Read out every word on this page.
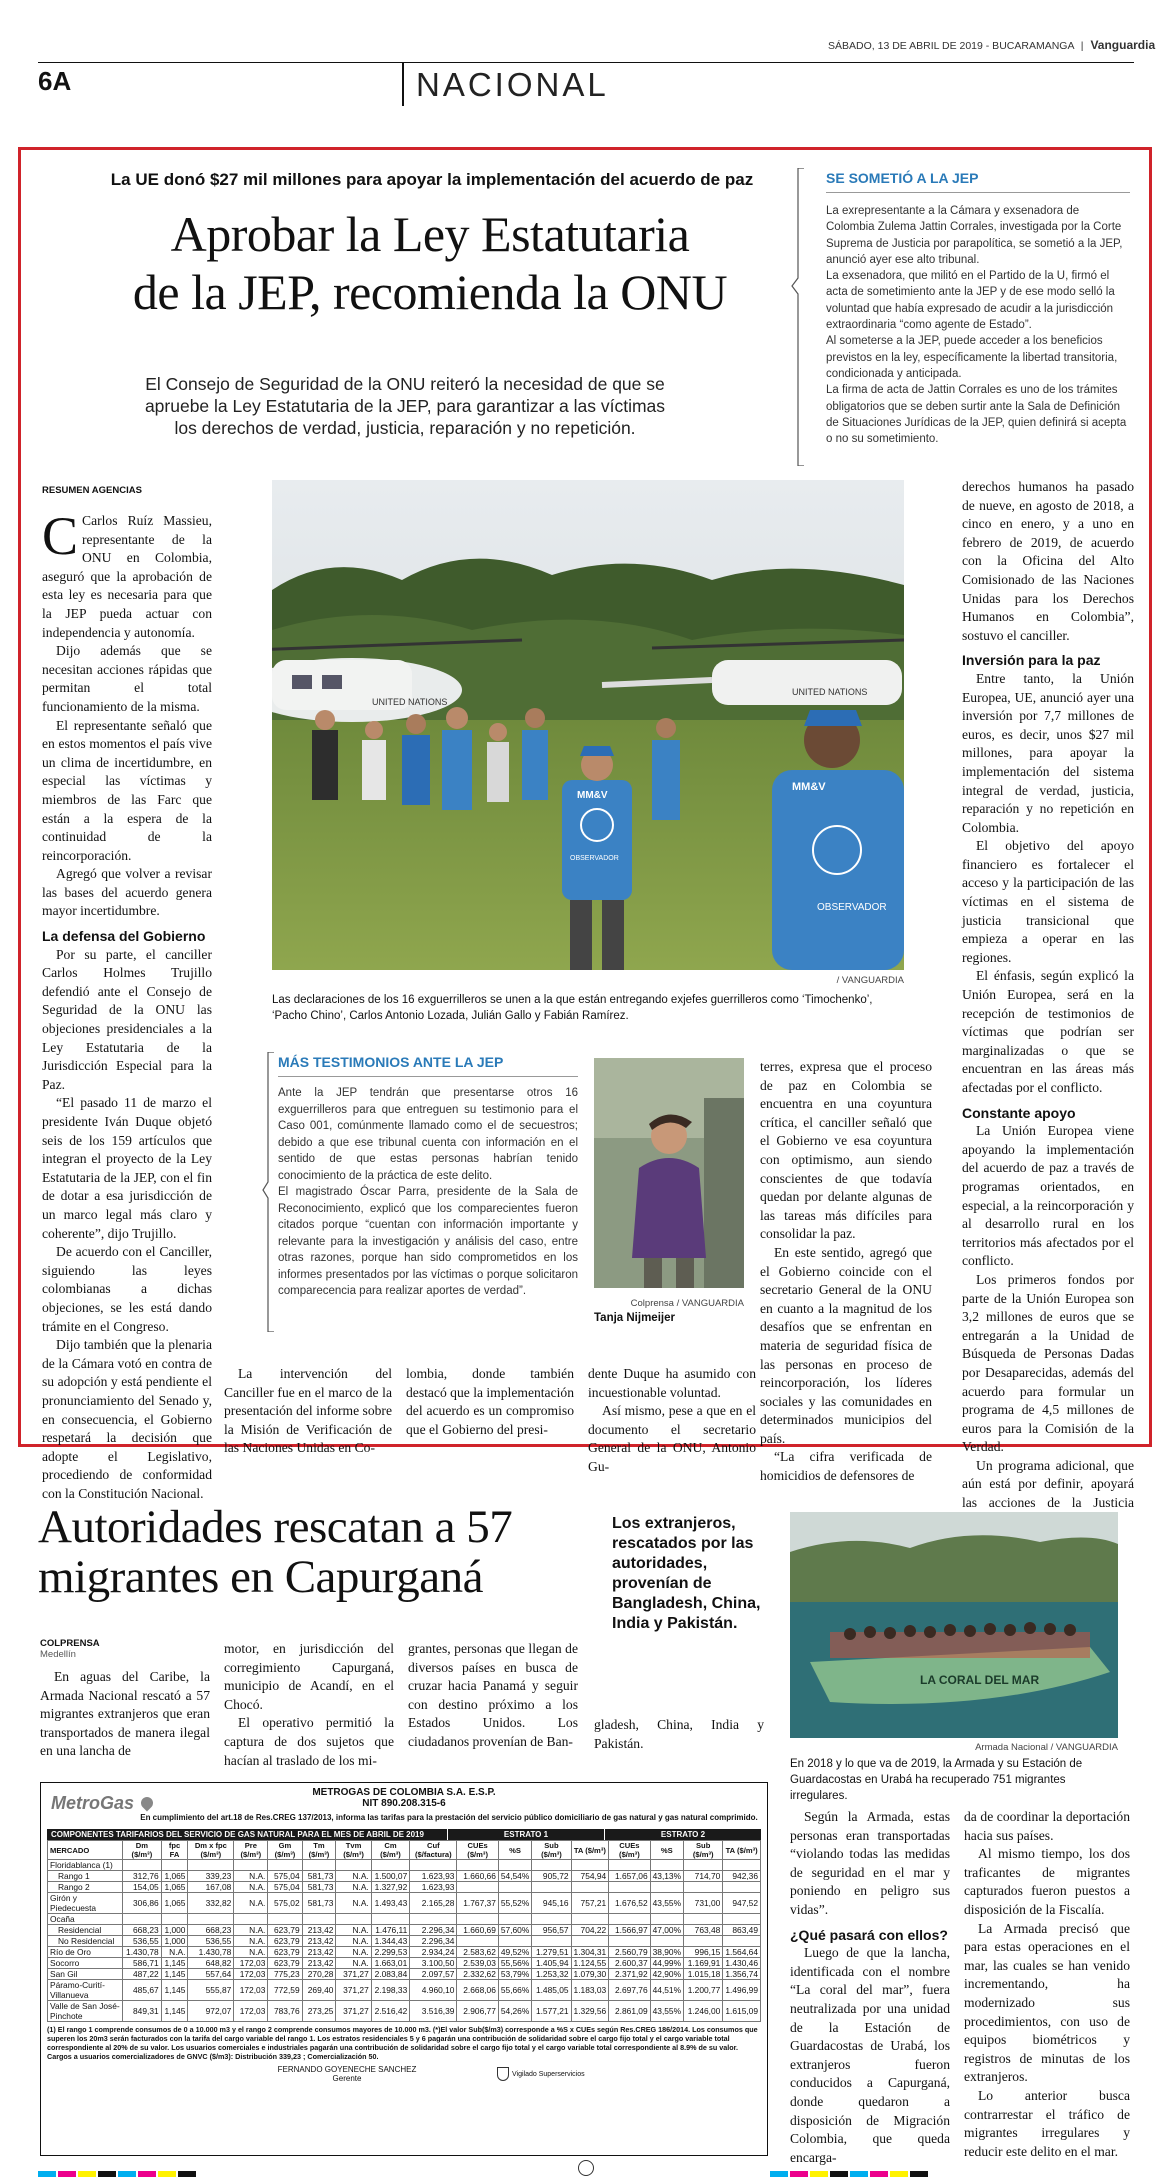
SÁBADO, 13 DE ABRIL DE 2019 - BUCARAMANGA | Vanguardia
6A	NACIONAL
La UE donó $27 mil millones para apoyar la implementación del acuerdo de paz
Aprobar la Ley Estatutaria
de la JEP, recomienda la ONU
El Consejo de Seguridad de la ONU reiteró la necesidad de que se apruebe la Ley Estatutaria de la JEP, para garantizar a las víctimas los derechos de verdad, justicia, reparación y no repetición.
SE SOMETIÓ A LA JEP

La exrepresentante a la Cámara y exsenadora de Colombia Zulema Jattin Corrales, investigada por la Corte Suprema de Justicia por parapolítica, se sometió a la JEP, anunció ayer ese alto tribunal.

La exsenadora, que militó en el Partido de la U, firmó el acta de sometimiento ante la JEP y de ese modo selló la voluntad que había expresado de acudir a la jurisdicción extraordinaria “como agente de Estado”.

Al someterse a la JEP, puede acceder a los beneficios previstos en la ley, específicamente la libertad transitoria, condicionada y anticipada.

La firma de acta de Jattin Corrales es uno de los trámites obligatorios que se deben surtir ante la Sala de Definición de Situaciones Jurídicas de la JEP, quien definirá si acepta o no su sometimiento.

RESUMEN AGENCIAS

C Carlos Ruíz Massieu, representante de la ONU en Colombia, aseguró que la aprobación de esta ley es necesaria para que la JEP pueda actuar con independencia y autonomía.

Dijo además que se necesitan acciones rápidas que permitan el total funcionamiento de la misma.

El representante señaló que en estos momentos el país vive un clima de incertidumbre, en especial las víctimas y miembros de las Farc que están a la espera de la continuidad de la reincorporación.

Agregó que volver a revisar las bases del acuerdo genera mayor incertidumbre.

La defensa del Gobierno

Por su parte, el canciller Carlos Holmes Trujillo defendió ante el Consejo de Seguridad de la ONU las objeciones presidenciales a la Ley Estatutaria de la Jurisdicción Especial para la Paz.

“El pasado 11 de marzo el presidente Iván Duque objetó seis de los 159 artículos que integran el proyecto de la Ley Estatutaria de la JEP, con el fin de dotar a esa jurisdicción de un marco legal más claro y coherente”, dijo Trujillo.

De acuerdo con el Canciller, siguiendo las leyes colombianas a dichas objeciones, se les está dando trámite en el Congreso.

Dijo también que la plenaria de la Cámara votó en contra de su adopción y está pendiente el pronunciamiento del Senado y, en consecuencia, el Gobierno respetará la decisión que adopte el Legislativo, procediendo de conformidad con la Constitución Nacional.

UNITED NATIONS
UNITED NATIONS
MM&V
OBSERVADOR
MM&V
OBSERVADOR
/ VANGUARDIA
Las declaraciones de los 16 exguerrilleros se unen a la que están entregando exjefes guerrilleros como ‘Timochenko’, ‘Pacho Chino’, Carlos Antonio Lozada, Julián Gallo y Fabián Ramírez.
MÁS TESTIMONIOS ANTE LA JEP

Ante la JEP tendrán que presentarse otros 16 exguerrilleros para que entreguen su testimonio para el Caso 001, comúnmente llamado como el de secuestros; debido a que ese tribunal cuenta con información en el sentido de que estas personas habrían tenido conocimiento de la práctica de este delito.

El magistrado Óscar Parra, presidente de la Sala de Reconocimiento, explicó que los comparecientes fueron citados porque “cuentan con información importante y relevante para la investigación y análisis del caso, entre otras razones, porque han sido comprometidos en los informes presentados por las víctimas o porque solicitaron comparecencia para realizar aportes de verdad”.

Colprensa / VANGUARDIA
Tanja Nijmeijer

La intervención del Canciller fue en el marco de la presentación del informe sobre la Misión de Verificación de las Naciones Unidas en Co-

lombia, donde también destacó que la implementación del acuerdo es un compromiso que el Gobierno del presi-

dente Duque ha asumido con incuestionable voluntad.

Así mismo, pese a que en el documento el secretario General de la ONU, Antonio Gu-

terres, expresa que el proceso de paz en Colombia se encuentra en una coyuntura crítica, el canciller señaló que el Gobierno ve esa coyuntura con optimismo, aun siendo conscientes de que todavía quedan por delante algunas de las tareas más difíciles para consolidar la paz.

En este sentido, agregó que el Gobierno coincide con el secretario General de la ONU en cuanto a la magnitud de los desafíos que se enfrentan en materia de seguridad física de las personas en proceso de reincorporación, los líderes sociales y las comunidades en determinados municipios del país.

“La cifra verificada de homicidios de defensores de

derechos humanos ha pasado de nueve, en agosto de 2018, a cinco en enero, y a uno en febrero de 2019, de acuerdo con la Oficina del Alto Comisionado de las Naciones Unidas para los Derechos Humanos en Colombia”, sostuvo el canciller.

Inversión para la paz

Entre tanto, la Unión Europea, UE, anunció ayer una inversión por 7,7 millones de euros, es decir, unos $27 mil millones, para apoyar la implementación del sistema integral de verdad, justicia, reparación y no repetición en Colombia.

El objetivo del apoyo financiero es fortalecer el acceso y la participación de las víctimas en el sistema de justicia transicional que empieza a operar en las regiones.

El énfasis, según explicó la Unión Europea, será en la recepción de testimonios de víctimas que podrían ser marginalizadas o que se encuentran en las áreas más afectadas por el conflicto.

Constante apoyo

La Unión Europea viene apoyando la implementación del acuerdo de paz a través de programas orientados, en especial, a la reincorporación y al desarrollo rural en los territorios más afectados por el conflicto.

Los primeros fondos por parte de la Unión Europea son 3,2 millones de euros que se entregarán a la Unidad de Búsqueda de Personas Dadas por Desaparecidas, además del acuerdo para formular un programa de 4,5 millones de euros para la Comisión de la Verdad.

Un programa adicional, que aún está por definir, apoyará las acciones de la Justicia

Autoridades rescatan a 57
migrantes en Capurganá
Los extranjeros, rescatados por las autoridades, provenían de Bangladesh, China, India y Pakistán.
COLPRENSA
Medellín

En aguas del Caribe, la Armada Nacional rescató a 57 migrantes extranjeros que eran transportados de manera ilegal en una lancha de

motor, en jurisdicción del corregimiento Capurganá, municipio de Acandí, en el Chocó.

El operativo permitió la captura de dos sujetos que hacían al traslado de los mi-

grantes, personas que llegan de diversos países en busca de cruzar hacia Panamá y seguir con destino próximo a los Estados Unidos. Los ciudadanos provenían de Ban-

gladesh, China, India y Pakistán.

LA CORAL DEL MAR
Armada Nacional / VANGUARDIA
En 2018 y lo que va de 2019, la Armada y su Estación de Guardacostas en Urabá ha recuperado 751 migrantes irregulares.

Según la Armada, estas personas eran transportadas “violando todas las medidas de seguridad en el mar y poniendo en peligro sus vidas”.

¿Qué pasará con ellos?

Luego de que la lancha, identificada con el nombre “La coral del mar”, fuera neutralizada por una unidad de la Estación de Guardacostas de Urabá, los extranjeros fueron conducidos a Capurganá, donde quedaron a disposición de Migración Colombia, que queda encarga-

da de coordinar la deportación hacia sus países.

Al mismo tiempo, los dos traficantes de migrantes capturados fueron puestos a disposición de la Fiscalía.

La Armada precisó que para estas operaciones en el mar, las cuales se han venido incrementando, ha modernizado sus procedimientos, con uso de equipos biométricos y registros de minutas de los extranjeros.

Lo anterior busca contrarrestar el tráfico de migrantes irregulares y reducir este delito en el mar.

MetroGas
METROGAS DE COLOMBIA S.A. E.S.P.
NIT 890.208.315-6
En cumplimiento del art.18 de Res.CREG 137/2013, informa las tarifas para la prestación del servicio público domiciliario de gas natural y gas natural comprimido.
COMPONENTES TARIFARIOS DEL SERVICIO DE GAS NATURAL PARA EL MES DE ABRIL DE 2019	ESTRATO 1	ESTRATO 2
MERCADO	Dm ($/m³)	fpc FA	Dm x fpc ($/m³)	Pre ($/m³)	Gm ($/m³)	Tm ($/m³)	Tvm ($/m³)	Cm ($/m³)	Cuf ($/factura)	CUEs ($/m³)	%S	Sub ($/m³)	TA ($/m³)	CUEs ($/m³)	%S	Sub ($/m³)	TA ($/m³)
Floridablanca (1)																	
Rango 1	312,76	1,065	339,23	N.A.	575,04	581,73	N.A.	1.500,07	1.623,93	1.660,66	54,54%	905,72	754,94	1.657,06	43,13%	714,70	942,36
Rango 2	154,05	1,065	167,08	N.A.	575,04	581,73	N.A.	1.327,92	1.623,93								
Girón y Piedecuesta	306,86	1,065	332,82	N.A.	575,02	581,73	N.A.	1.493,43	2.165,28	1.767,37	55,52%	945,16	757,21	1.676,52	43,55%	731,00	947,52
Ocaña																	
Residencial	668,23	1,000	668,23	N.A.	623,79	213,42	N.A.	1.476,11	2.296,34	1.660,69	57,60%	956,57	704,22	1.566,97	47,00%	763,48	863,49
No Residencial	536,55	1,000	536,55	N.A.	623,79	213,42	N.A.	1.344,43	2.296,34								
Río de Oro	1.430,78	N.A.	1.430,78	N.A.	623,79	213,42	N.A.	2.299,53	2.934,24	2.583,62	49,52%	1.279,51	1.304,31	2.560,79	38,90%	996,15	1.564,64
Socorro	586,71	1,145	648,82	172,03	623,79	213,42	N.A.	1.663,01	3.100,50	2.539,03	55,56%	1.405,94	1.124,55	2.600,37	44,99%	1.169,91	1.430,46
San Gil	487,22	1,145	557,64	172,03	775,23	270,28	371,27	2.083,84	2.097,57	2.332,62	53,79%	1.253,32	1.079,30	2.371,92	42,90%	1.015,18	1.356,74
Páramo-Curití-Villanueva	485,67	1,145	555,87	172,03	772,59	269,40	371,27	2.198,33	4.960,10	2.668,06	55,66%	1.485,05	1.183,03	2.697,76	44,51%	1.200,77	1.496,99
Valle de San José-Pinchote	849,31	1,145	972,07	172,03	783,76	273,25	371,27	2.516,42	3.516,39	2.906,77	54,26%	1.577,21	1.329,56	2.861,09	43,55%	1.246,00	1.615,09
(1) El rango 1 comprende consumos de 0 a 10.000 m3 y el rango 2 comprende consumos mayores de 10.000 m3. (*)El valor Sub($/m3) corresponde a %S x CUEs según Res.CREG 186/2014. Los consumos que superen los 20m3 serán facturados con la tarifa del cargo variable del rango 1. Los estratos residenciales 5 y 6 pagarán una contribución de solidaridad sobre el cargo fijo total y el cargo variable total correspondiente al 20% de su valor. Los usuarios comerciales e industriales pagarán una contribución de solidaridad sobre el cargo fijo total y el cargo variable total correspondiente al 8.9% de su valor. Cargos a usuarios comercializadores de GNVC ($/m3): Distribución 339,23 ; Comercialización 50.
FERNANDO GOYENECHE SANCHEZ
Gerente	Vigilado Superservicios
